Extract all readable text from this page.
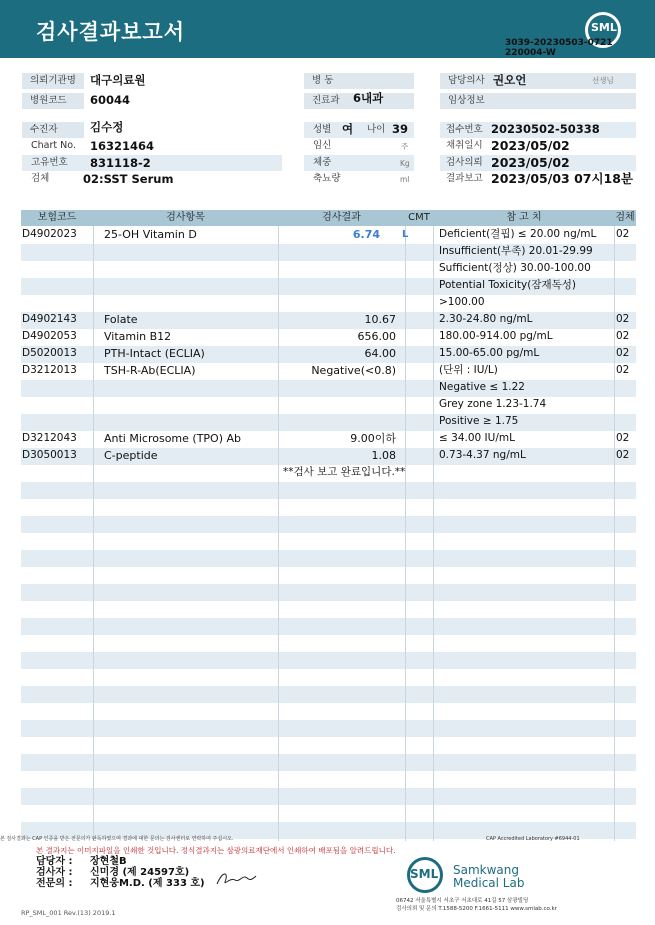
검사결과보고서	SML
3039-20230503-0721
220004-W
의뢰기관명	대구의료원
병원코드	60044
병 동
진료과	6내과
담당의사 권오언	선생님
임상정보
수진자	김수정
Chart No. 16321464
고유번호 831118-2
검체	02:SST Serum
성별 여 나이 39
임신	주
체중	Kg
축뇨량	ml
접수번호 20230502-50338
채취일시 2023/05/02
검사의뢰 2023/05/02
결과보고 2023/05/03 07시18분
보험코드	검사항목	검사결과	CMT	참 고 치	검체
D4902023 25-OH Vitamin D	6.74 L	Deficient(결핍) ≤ 20.00 ng/mL 02
Insufficient(부족) 20.01-29.99
Sufficient(정상) 30.00-100.00
Potential Toxicity(잠재독성)
>100.00
D4902143 Folate	10.67	2.30-24.80 ng/mL	02
D4902053 Vitamin B12	656.00	180.00-914.00 pg/mL	02
D5020013 PTH-Intact (ECLIA)	64.00	15.00-65.00 pg/mL	02
D3212013 TSH-R-Ab(ECLIA)	Negative(<0.8)	(단위 : IU/L)	02
Negative ≤ 1.22
Grey zone 1.23-1.74
Positive ≥ 1.75
D3212043 Anti Microsome (TPO) Ab	9.00이하	≤ 34.00 IU/mL	02
D3050013 C-peptide	1.08	0.73-4.37 ng/mL	02
**검사 보고 완료입니다.**
본 검사결과는 CAP 인증을 받은 전문의가 판독하였으며 결과에 대한 문의는 검사센터로 연락하여 주십시오.	CAP Accredited Laboratory #6944-01
본 결과지는 이미지파일을 인쇄한 것입니다. 정식결과지는 삼광의료재단에서 인쇄하여 배포됨을 알려드립니다.
담당자 : 장현철B
검사자 : 신미경 (제 24597호)
전문의 : 지현웅M.D. (제 333 호)
SML Samkwang
Medical Lab
06742 서울특별시 서초구 서초대로 41길 57 삼광빌딩
검사의뢰 및 문의 T.1588-5200 F.1661-5111 www.smlab.co.kr
RP_SML_001 Rev.(13) 2019.1
